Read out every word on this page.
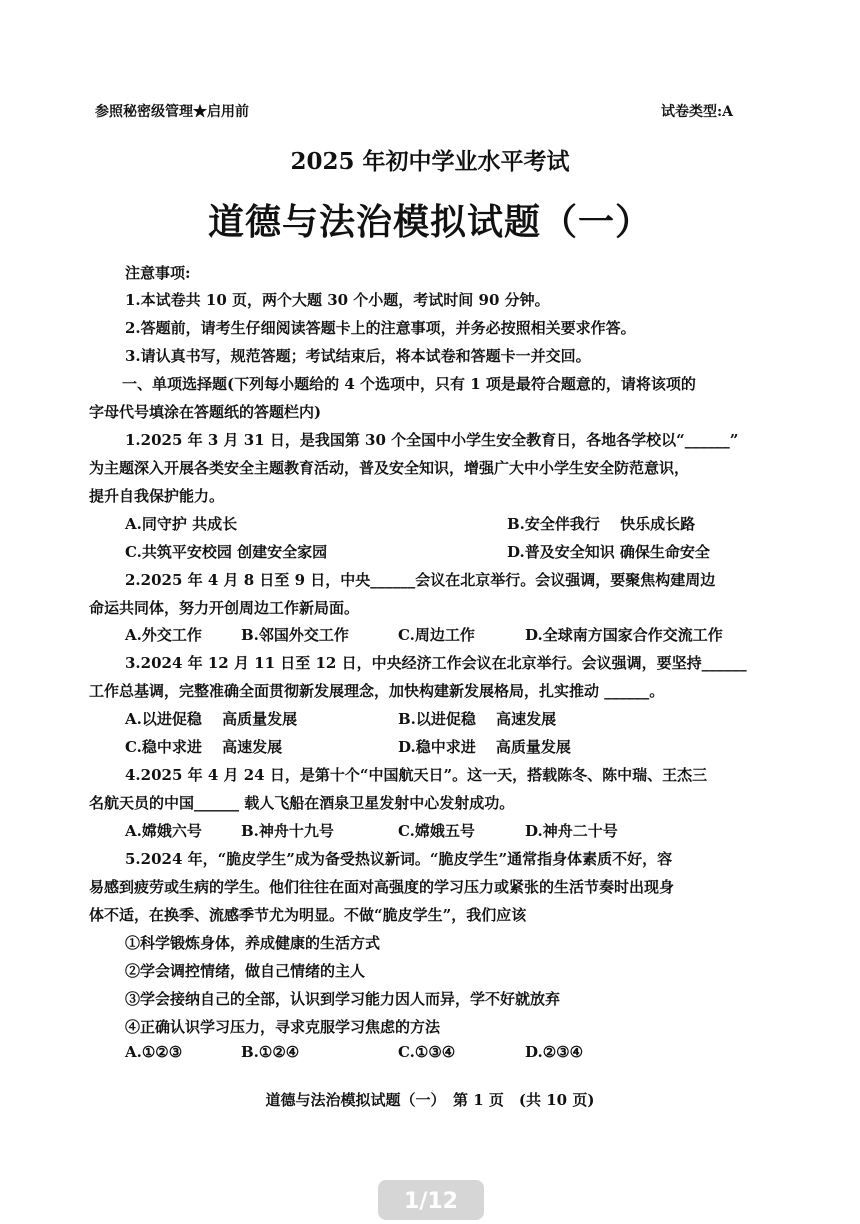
参照秘密级管理★启用前	试卷类型:A
2025 年初中学业水平考试
道德与法治模拟试题（一）
注意事项:
1.本试卷共 10 页，两个大题 30 个小题，考试时间 90 分钟。
2.答题前，请考生仔细阅读答题卡上的注意事项，并务必按照相关要求作答。
3.请认真书写，规范答题；考试结束后，将本试卷和答题卡一并交回。
一、单项选择题(下列每小题给的 4 个选项中，只有 1 项是最符合题意的，请将该项的
字母代号填涂在答题纸的答题栏内)
1.2025 年 3 月 31 日，是我国第 30 个全国中小学生安全教育日，各地各学校以“______”
为主题深入开展各类安全主题教育活动，普及安全知识，增强广大中小学生安全防范意识，
提升自我保护能力。
A.同守护 共成长	B.安全伴我行　 快乐成长路
C.共筑平安校园 创建安全家园	D.普及安全知识 确保生命安全
2.2025 年 4 月 8 日至 9 日，中央______会议在北京举行。会议强调，要聚焦构建周边
命运共同体，努力开创周边工作新局面。
A.外交工作	B.邻国外交工作	C.周边工作	D.全球南方国家合作交流工作
3.2024 年 12 月 11 日至 12 日，中央经济工作会议在北京举行。会议强调，要坚持______
工作总基调，完整准确全面贯彻新发展理念，加快构建新发展格局，扎实推动 ______。
A.以进促稳　 高质量发展	B.以进促稳　 高速发展
C.稳中求进　 高速发展	D.稳中求进　 高质量发展
4.2025 年 4 月 24 日，是第十个“中国航天日”。这一天，搭载陈冬、陈中瑞、王杰三
名航天员的中国______ 载人飞船在酒泉卫星发射中心发射成功。
A.嫦娥六号	B.神舟十九号	C.嫦娥五号	D.神舟二十号
5.2024 年，“脆皮学生”成为备受热议新词。“脆皮学生”通常指身体素质不好，容
易感到疲劳或生病的学生。他们往往在面对高强度的学习压力或紧张的生活节奏时出现身
体不适，在换季、流感季节尤为明显。不做“脆皮学生”，我们应该
①科学锻炼身体，养成健康的生活方式
②学会调控情绪，做自己情绪的主人
③学会接纳自己的全部，认识到学习能力因人而异，学不好就放弃
④正确认识学习压力，寻求克服学习焦虑的方法
A.①②③	B.①②④	C.①③④	D.②③④
道德与法治模拟试题（一）　第 1 页　(共 10 页)
1/12
